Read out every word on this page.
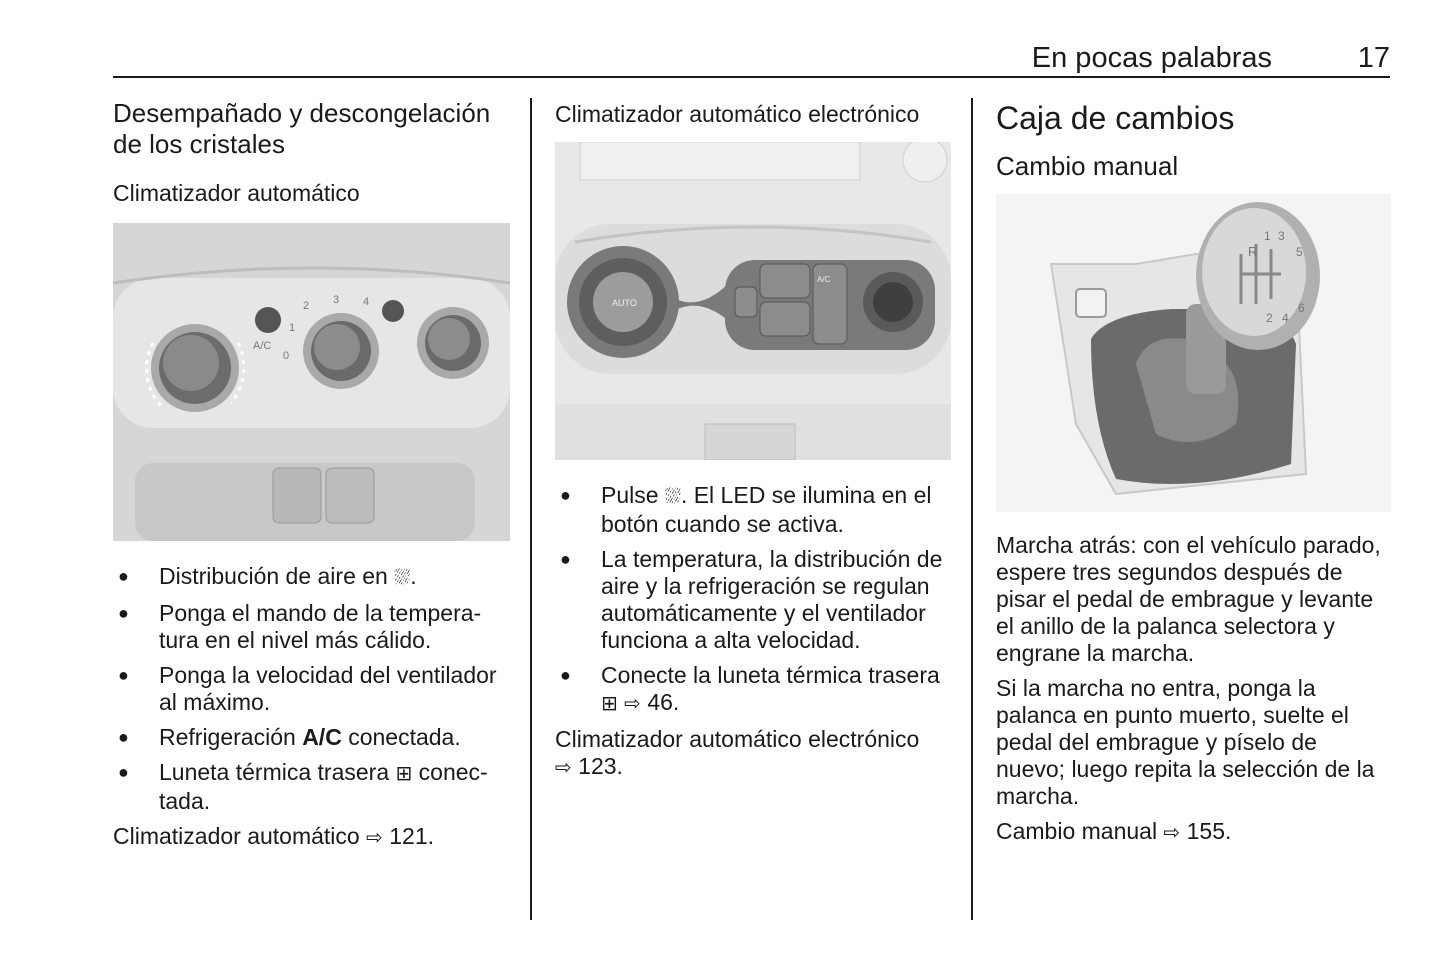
En pocas palabras	17
Desempañado y descongelación de los cristales
Climatizador automático
A/C
0
1
2 3 4
● Distribución de aire en ⛆.
● Ponga el mando de la tempera-tura en el nivel más cálido.
● Ponga la velocidad del ventilador al máximo.
● Refrigeración A/C conectada.
● Luneta térmica trasera ⊞ conec-tada.

Climatizador automático ⇨ 121.

Climatizador automático electrónico
AUTO
A/C
● Pulse ⛆. El LED se ilumina en el botón cuando se activa.
● La temperatura, la distribución de aire y la refrigeración se regulan automáticamente y el ventilador funciona a alta velocidad.
● Conecte la luneta térmica trasera
⊞ ⇨ 46.

Climatizador automático electrónico
⇨ 123.

Caja de cambios
Cambio manual
R
1 3
5
2 4
6

Marcha atrás: con el vehículo parado, espere tres segundos después de pisar el pedal de embrague y levante el anillo de la palanca selectora y engrane la marcha.

Si la marcha no entra, ponga la palanca en punto muerto, suelte el pedal del embrague y píselo de nuevo; luego repita la selección de la marcha.

Cambio manual ⇨ 155.
